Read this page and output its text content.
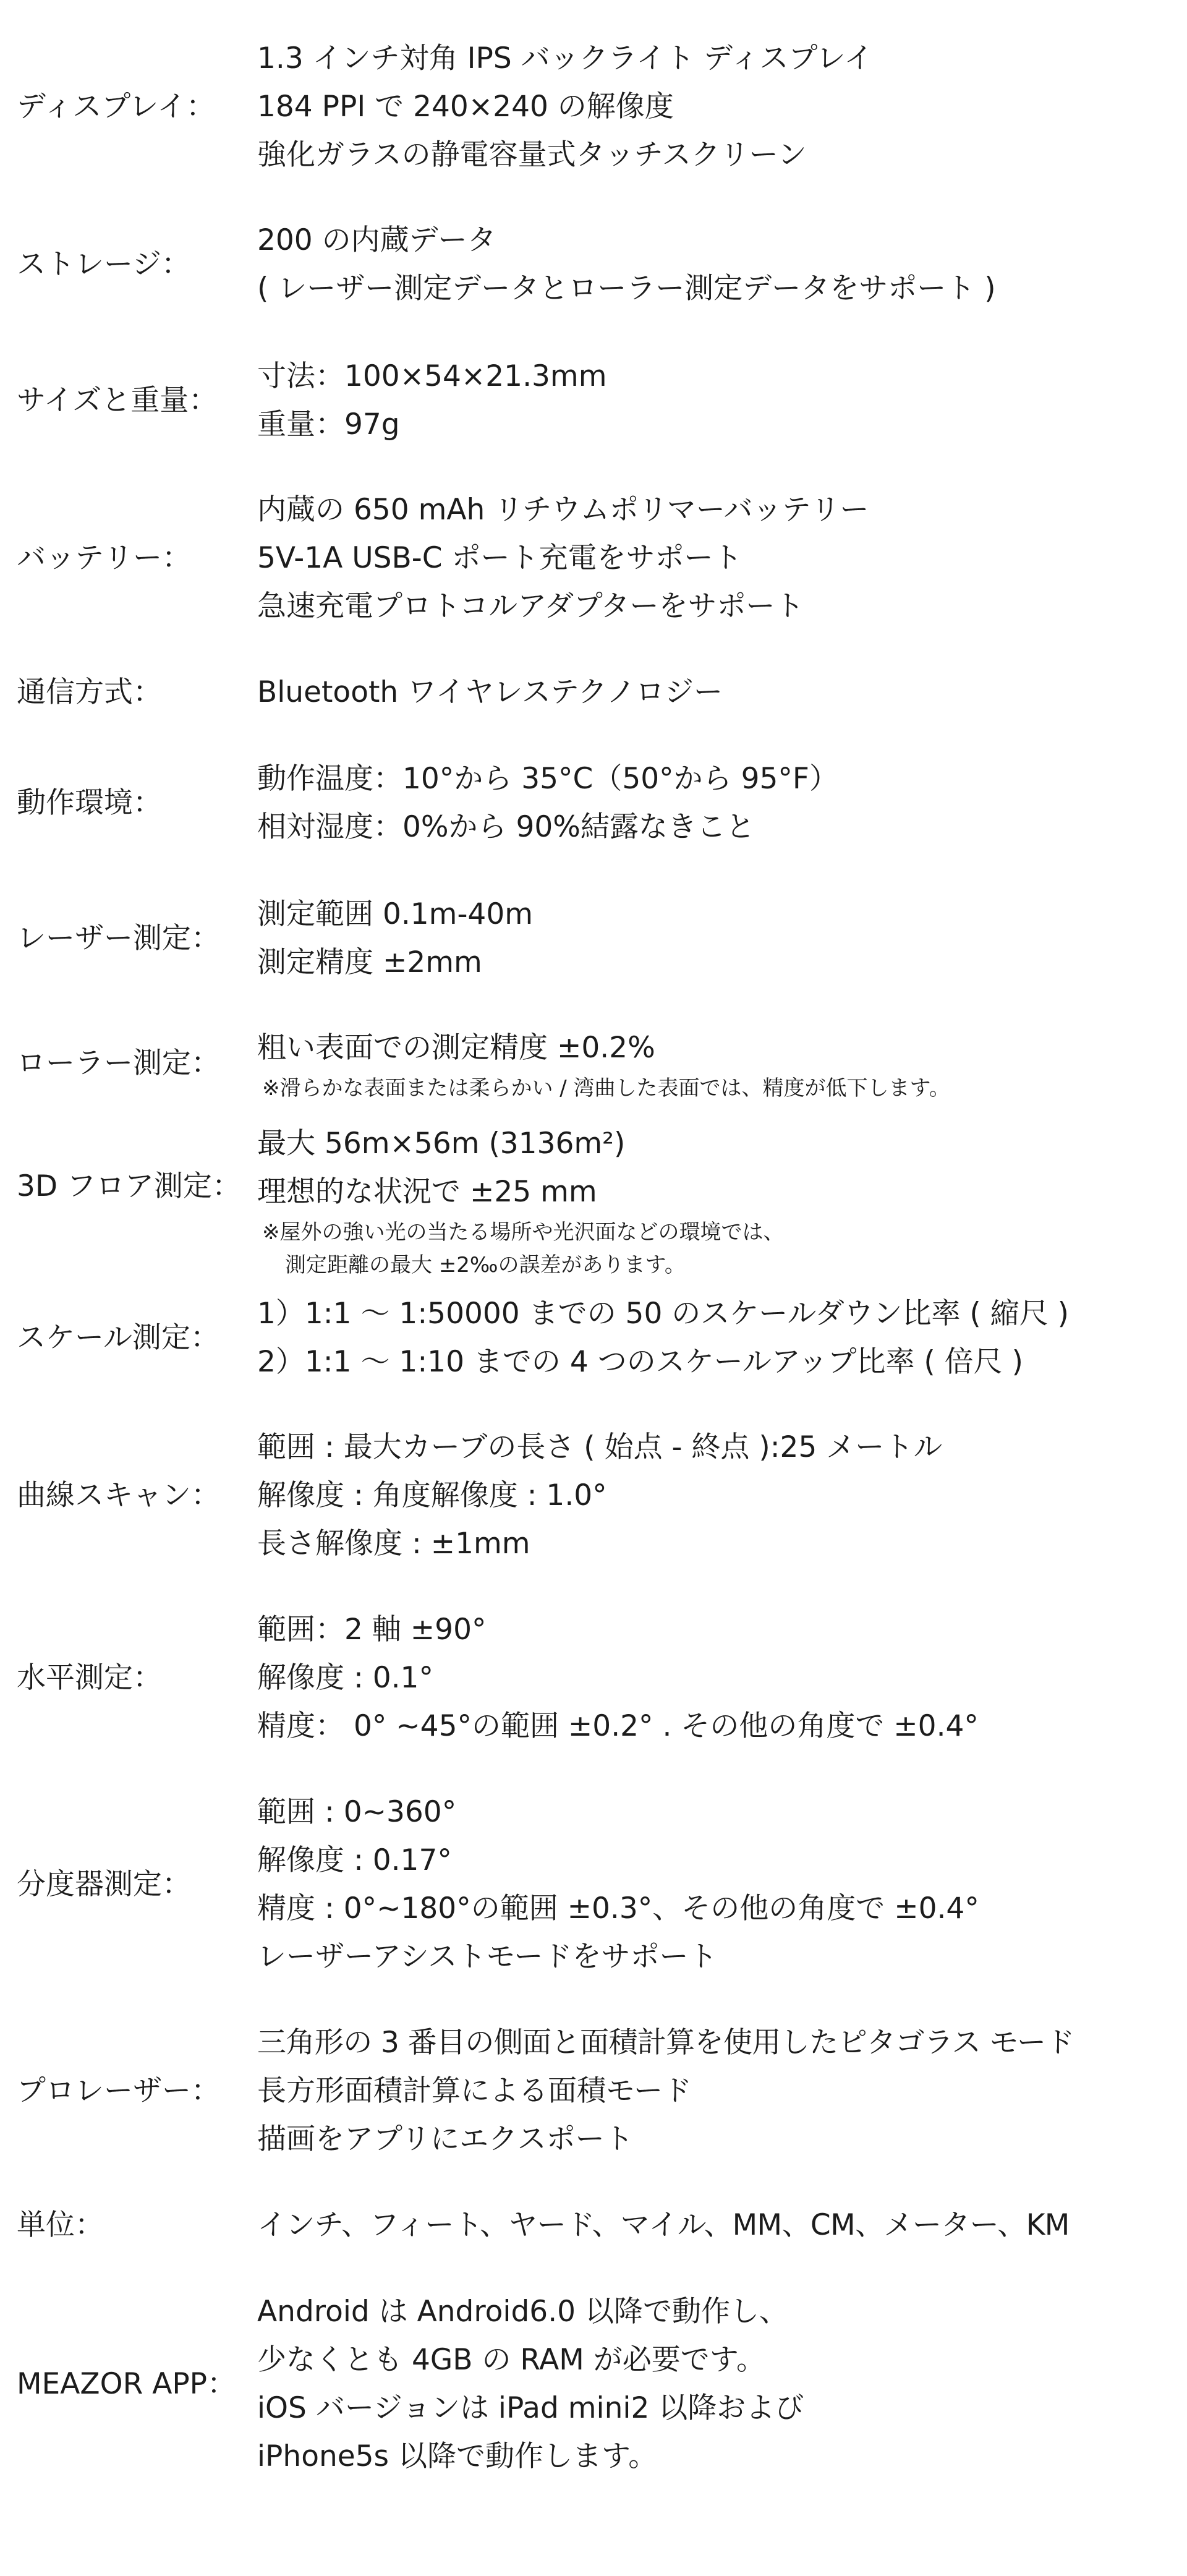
ディスプレイ：
1.3 インチ対角 IPS バックライト ディスプレイ
184 PPI で 240×240 の解像度
強化ガラスの静電容量式タッチスクリーン
ストレージ：
200 の内蔵データ
( レーザー測定データとローラー測定データをサポート )
サイズと重量：
寸法：100×54×21.3mm
重量：97g
バッテリー：
内蔵の 650 mAh リチウムポリマーバッテリー
5V-1A USB-C ポート充電をサポート
急速充電プロトコルアダプターをサポート
通信方式：	Bluetooth ワイヤレステクノロジー
動作環境：
動作温度：10°から 35°C（50°から 95°F）
相対湿度：0%から 90%結露なきこと
レーザー測定：
測定範囲 0.1m-40m
測定精度 ±2mm
ローラー測定： 粗い表面での測定精度 ±0.2%
※滑らかな表面または柔らかい / 湾曲した表面では、精度が低下します。
3D フロア測定：
最大 56m×56m (3136m²)
理想的な状況で ±25 mm
※屋外の強い光の当たる場所や光沢面などの環境では、
測定距離の最大 ±2‰の誤差があります。
スケール測定：
1）1:1 ～ 1:50000 までの 50 のスケールダウン比率 ( 縮尺 )
2）1:1 ～ 1:10 までの 4 つのスケールアップ比率 ( 倍尺 )
曲線スキャン：
範囲 : 最大カーブの長さ ( 始点 - 終点 ):25 メートル
解像度 : 角度解像度 : 1.0°
長さ解像度 : ±1mm
水平測定：
範囲：2 軸 ±90°
解像度 : 0.1°
精度： 0° ~45°の範囲 ±0.2° . その他の角度で ±0.4°
分度器測定：
範囲 : 0~360°
解像度 : 0.17°
精度 : 0°~180°の範囲 ±0.3°、その他の角度で ±0.4°
レーザーアシストモードをサポート
プロレーザー：
三角形の 3 番目の側面と面積計算を使用したピタゴラス モード
長方形面積計算による面積モード
描画をアプリにエクスポート
単位：	インチ、フィート、ヤード、マイル、MM、CM、メーター、KM
MEAZOR APP：
Android は Android6.0 以降で動作し、
少なくとも 4GB の RAM が必要です。
iOS バージョンは iPad mini2 以降および
iPhone5s 以降で動作します。
